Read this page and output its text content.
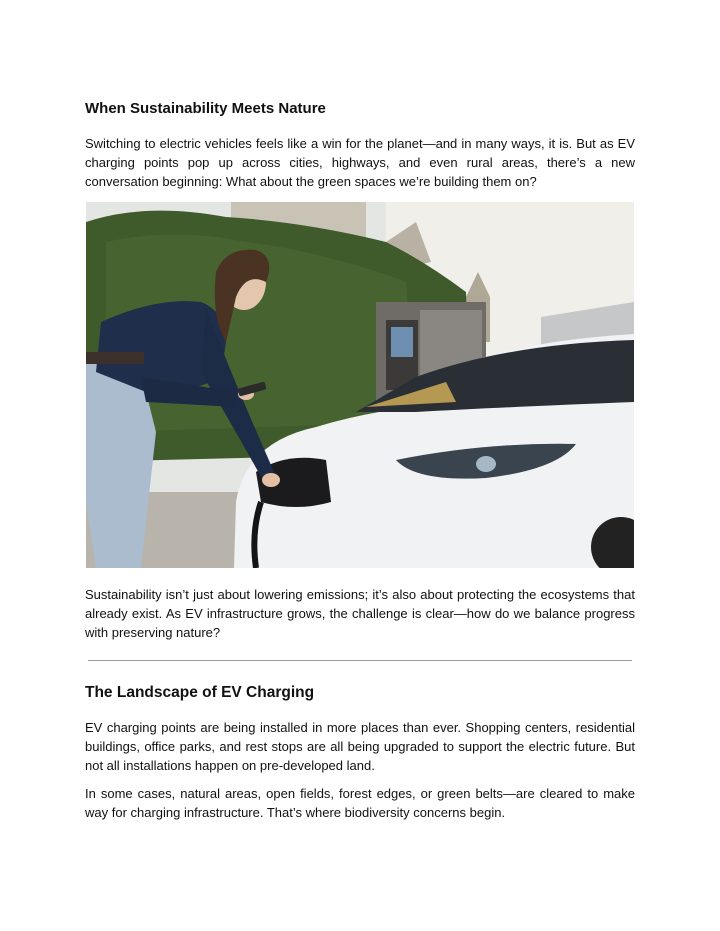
When Sustainability Meets Nature

Switching to electric vehicles feels like a win for the planet—and in many ways, it is. But as EV charging points pop up across cities, highways, and even rural areas, there’s a new conversation beginning: What about the green spaces we’re building them on?

Sustainability isn’t just about lowering emissions; it’s also about protecting the ecosystems that already exist. As EV infrastructure grows, the challenge is clear—how do we balance progress with preserving nature?

The Landscape of EV Charging

EV charging points are being installed in more places than ever. Shopping centers, residential buildings, office parks, and rest stops are all being upgraded to support the electric future. But not all installations happen on pre-developed land.

In some cases, natural areas, open fields, forest edges, or green belts—are cleared to make way for charging infrastructure. That’s where biodiversity concerns begin.
